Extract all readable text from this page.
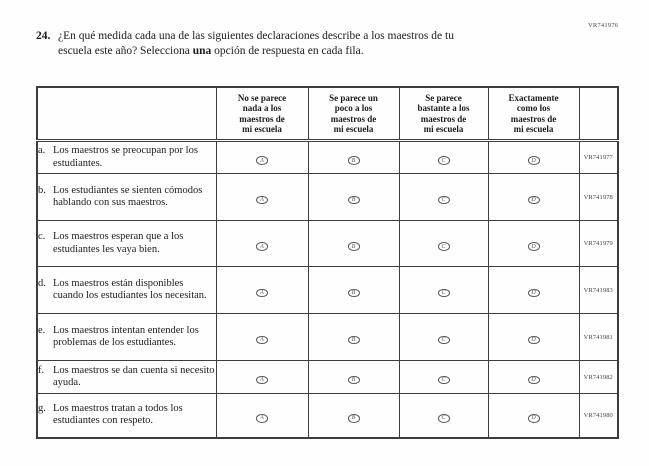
24. ¿En qué medida cada una de las siguientes declaraciones describe a los maestros de tu
escuela este año? Selecciona una opción de respuesta en cada fila.
VR741976

	No se parece
nada a los
maestros de
mi escuela	Se parece un
poco a los
maestros de
mi escuela	Se parece
bastante a los
maestros de
mi escuela	Exactamente
como los
maestros de
mi escuela	

a. Los maestros se preocupan por los estudiantes.	A	B	C	D	VR741977

b. Los estudiantes se sienten cómodos hablando con sus maestros.	A	B	C	D	VR741978

c. Los maestros esperan que a los estudiantes les vaya bien.	A	B	C	D	VR741979

d. Los maestros están disponibles cuando los estudiantes los necesitan.	A	B	C	D	VR741983

e. Los maestros intentan entender los problemas de los estudiantes.	A	B	C	D	VR741981

f. Los maestros se dan cuenta si necesito ayuda.	A	B	C	D	VR741982

g. Los maestros tratan a todos los estudiantes con respeto.	A	B	C	D	VR741980
